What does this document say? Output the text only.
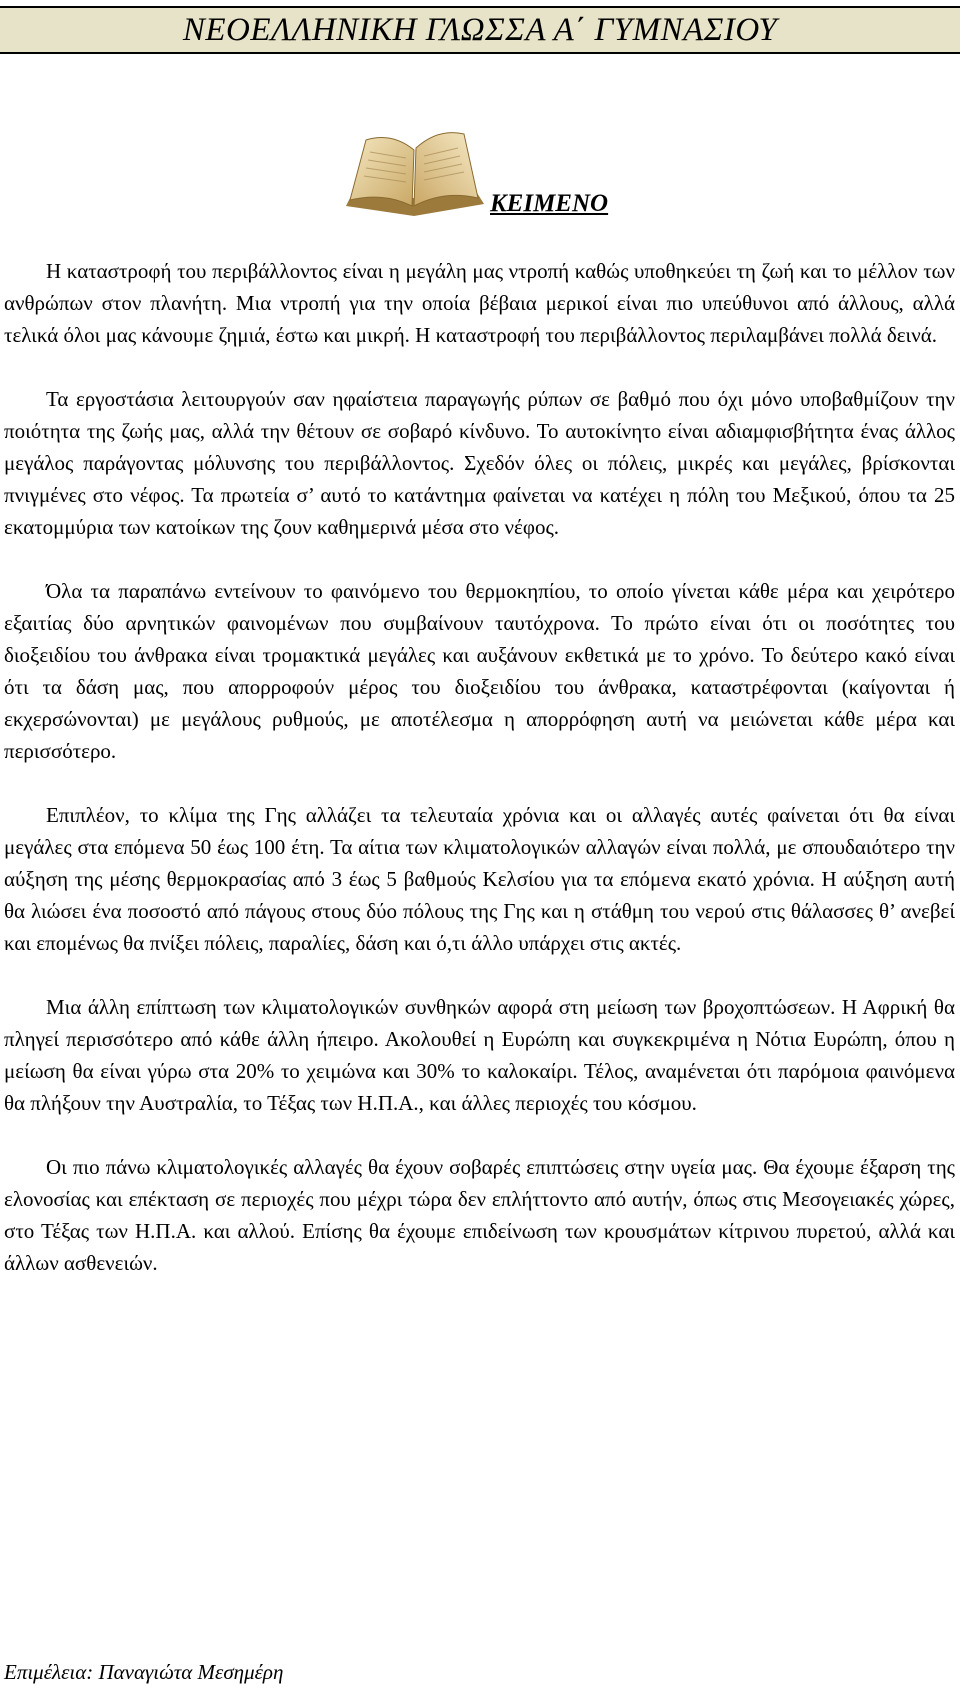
ΝΕΟΕΛΛΗΝΙΚΗ ΓΛΩΣΣΑ Α΄ ΓΥΜΝΑΣΙΟΥ
ΚΕΙΜΕΝΟ

Η καταστροφή του περιβάλλοντος είναι η μεγάλη μας ντροπή καθώς υποθηκεύει τη ζωή και το μέλλον των ανθρώπων στον πλανήτη. Μια ντροπή για την οποία βέβαια μερικοί είναι πιο υπεύθυνοι από άλλους, αλλά τελικά όλοι μας κάνουμε ζημιά, έστω και μικρή. Η καταστροφή του περιβάλλοντος περιλαμβάνει πολλά δεινά.

Τα εργοστάσια λειτουργούν σαν ηφαίστεια παραγωγής ρύπων σε βαθμό που όχι μόνο υποβαθμίζουν την ποιότητα της ζωής μας, αλλά την θέτουν σε σοβαρό κίνδυνο. Το αυτοκίνητο είναι αδιαμφισβήτητα ένας άλλος μεγάλος παράγοντας μόλυνσης του περιβάλλοντος. Σχεδόν όλες οι πόλεις, μικρές και μεγάλες, βρίσκονται πνιγμένες στο νέφος. Τα πρωτεία σ’ αυτό το κατάντημα φαίνεται να κατέχει η πόλη του Μεξικού, όπου τα 25 εκατομμύρια των κατοίκων της ζουν καθημερινά μέσα στο νέφος.

Όλα τα παραπάνω εντείνουν το φαινόμενο του θερμοκηπίου, το οποίο γίνεται κάθε μέρα και χειρότερο εξαιτίας δύο αρνητικών φαινομένων που συμβαίνουν ταυτόχρονα. Το πρώτο είναι ότι οι ποσότητες του διοξειδίου του άνθρακα είναι τρομακτικά μεγάλες και αυξάνουν εκθετικά με το χρόνο. Το δεύτερο κακό είναι ότι τα δάση μας, που απορροφούν μέρος του διοξειδίου του άνθρακα, καταστρέφονται (καίγονται ή εκχερσώνονται) με μεγάλους ρυθμούς, με αποτέλεσμα η απορρόφηση αυτή να μειώνεται κάθε μέρα και περισσότερο.

Επιπλέον, το κλίμα της Γης αλλάζει τα τελευταία χρόνια και οι αλλαγές αυτές φαίνεται ότι θα είναι μεγάλες στα επόμενα 50 έως 100 έτη. Τα αίτια των κλιματολογικών αλλαγών είναι πολλά, με σπουδαιότερο την αύξηση της μέσης θερμοκρασίας από 3 έως 5 βαθμούς Κελσίου για τα επόμενα εκατό χρόνια. Η αύξηση αυτή θα λιώσει ένα ποσοστό από πάγους στους δύο πόλους της Γης και η στάθμη του νερού στις θάλασσες θ’ ανεβεί και επομένως θα πνίξει πόλεις, παραλίες, δάση και ό,τι άλλο υπάρχει στις ακτές.

Μια άλλη επίπτωση των κλιματολογικών συνθηκών αφορά στη μείωση των βροχοπτώσεων. Η Αφρική θα πληγεί περισσότερο από κάθε άλλη ήπειρο. Ακολουθεί η Ευρώπη και συγκεκριμένα η Νότια Ευρώπη, όπου η μείωση θα είναι γύρω στα 20% το χειμώνα και 30% το καλοκαίρι. Τέλος, αναμένεται ότι παρόμοια φαινόμενα θα πλήξουν την Αυστραλία, το Τέξας των Η.Π.Α., και άλλες περιοχές του κόσμου.

Οι πιο πάνω κλιματολογικές αλλαγές θα έχουν σοβαρές επιπτώσεις στην υγεία μας. Θα έχουμε έξαρση της ελονοσίας και επέκταση σε περιοχές που μέχρι τώρα δεν επλήττοντο από αυτήν, όπως στις Μεσογειακές χώρες, στο Τέξας των Η.Π.Α. και αλλού. Επίσης θα έχουμε επιδείνωση των κρουσμάτων κίτρινου πυρετού, αλλά και άλλων ασθενειών.

Επιμέλεια: Παναγιώτα Μεσημέρη
